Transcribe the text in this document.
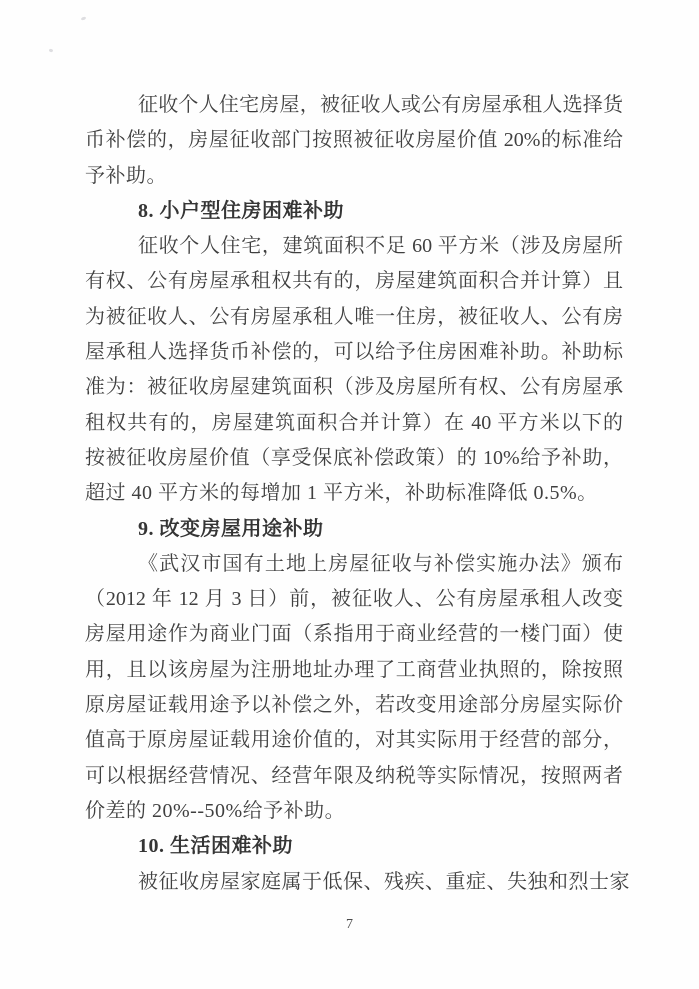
征收个人住宅房屋，被征收人或公有房屋承租人选择货
币补偿的，房屋征收部门按照被征收房屋价值 20%的标准给
予补助。
8. 小户型住房困难补助
征收个人住宅，建筑面积不足 60 平方米（涉及房屋所
有权、公有房屋承租权共有的，房屋建筑面积合并计算）且
为被征收人、公有房屋承租人唯一住房，被征收人、公有房
屋承租人选择货币补偿的，可以给予住房困难补助。补助标
准为：被征收房屋建筑面积（涉及房屋所有权、公有房屋承
租权共有的，房屋建筑面积合并计算）在 40 平方米以下的
按被征收房屋价值（享受保底补偿政策）的 10%给予补助，
超过 40 平方米的每增加 1 平方米，补助标准降低 0.5%。
9. 改变房屋用途补助
《武汉市国有土地上房屋征收与补偿实施办法》颁布
（2012 年 12 月 3 日）前，被征收人、公有房屋承租人改变
房屋用途作为商业门面（系指用于商业经营的一楼门面）使
用，且以该房屋为注册地址办理了工商营业执照的，除按照
原房屋证载用途予以补偿之外，若改变用途部分房屋实际价
值高于原房屋证载用途价值的，对其实际用于经营的部分，
可以根据经营情况、经营年限及纳税等实际情况，按照两者
价差的 20%--50%给予补助。
10. 生活困难补助
被征收房屋家庭属于低保、残疾、重症、失独和烈士家
7
